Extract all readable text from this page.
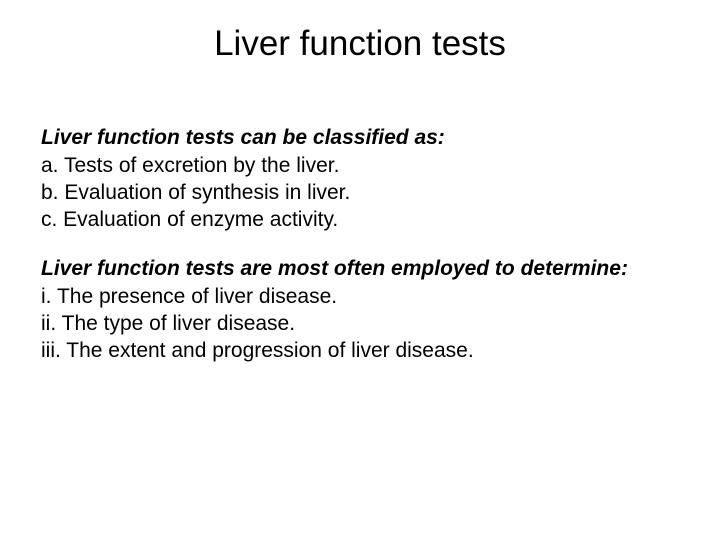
Liver function tests
Liver function tests can be classified as:
a. Tests of excretion by the liver.
b. Evaluation of synthesis in liver.
c. Evaluation of enzyme activity.
Liver function tests are most often employed to determine:
i. The presence of liver disease.
ii. The type of liver disease.
iii. The extent and progression of liver disease.
